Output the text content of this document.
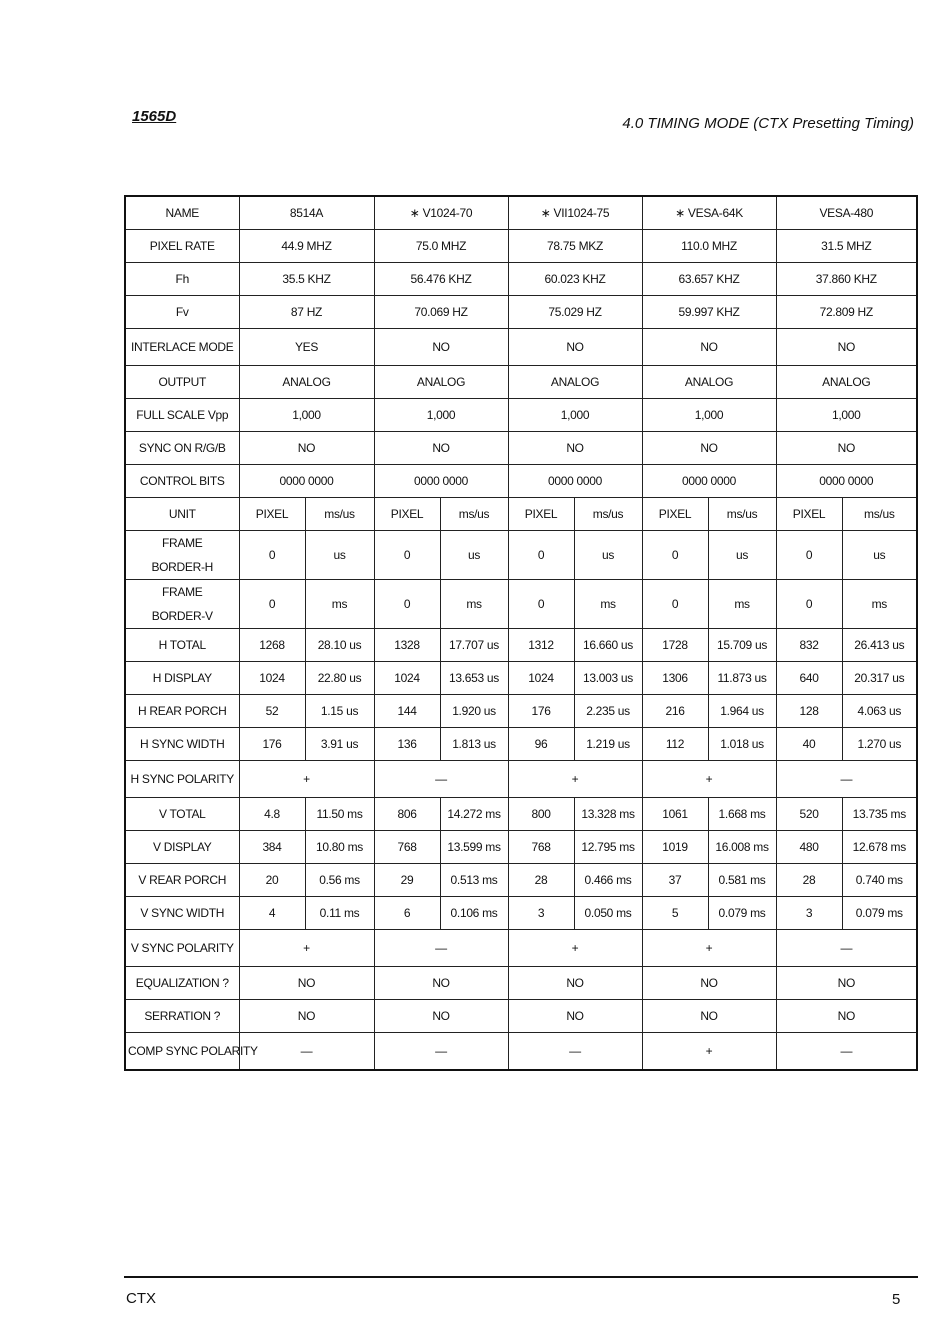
1565D	4.0 TIMING MODE (CTX Presetting Timing)
NAME	8514A		∗ V1024-70		∗ VII1024-75		∗ VESA-64K		VESA-480	

PIXEL RATE	44.9 MHZ		75.0 MHZ		78.75 MKZ		110.0 MHZ		31.5 MHZ	

Fh	35.5 KHZ		56.476 KHZ		60.023 KHZ		63.657 KHZ		37.860 KHZ	

Fv	87 HZ		70.069 HZ		75.029 HZ		59.997 KHZ		72.809 HZ	

INTERLACE MODE	YES		NO		NO		NO		NO	

OUTPUT	ANALOG		ANALOG		ANALOG		ANALOG		ANALOG	

FULL SCALE Vpp	1,000		1,000		1,000		1,000		1,000	

SYNC ON R/G/B	NO		NO		NO		NO		NO	

CONTROL BITS	0000 0000		0000 0000		0000 0000		0000 0000		0000 0000	

UNIT	PIXEL	ms/us	PIXEL	ms/us	PIXEL	ms/us	PIXEL	ms/us	PIXEL	ms/us

FRAME
BORDER-H	0	us	0	us	0	us	0	us	0	us

FRAME
BORDER-V	0	ms	0	ms	0	ms	0	ms	0	ms

H TOTAL	1268	28.10 us	1328	17.707 us	1312	16.660 us	1728	15.709 us	832	26.413 us

H DISPLAY	1024	22.80 us	1024	13.653 us	1024	13.003 us	1306	11.873 us	640	20.317 us

H REAR PORCH	52	1.15 us	144	1.920 us	176	2.235 us	216	1.964 us	128	4.063 us

H SYNC WIDTH	176	3.91 us	136	1.813 us	96	1.219 us	112	1.018 us	40	1.270 us

H SYNC POLARITY	+		—		+		+		—	

V TOTAL	4.8	11.50 ms	806	14.272 ms	800	13.328 ms	1061	1.668 ms	520	13.735 ms

V DISPLAY	384	10.80 ms	768	13.599 ms	768	12.795 ms	1019	16.008 ms	480	12.678 ms

V REAR PORCH	20	0.56 ms	29	0.513 ms	28	0.466 ms	37	0.581 ms	28	0.740 ms

V SYNC WIDTH	4	0.11 ms	6	0.106 ms	3	0.050 ms	5	0.079 ms	3	0.079 ms

V SYNC POLARITY	+		—		+		+		—	

EQUALIZATION ?	NO		NO		NO		NO		NO	

SERRATION ?	NO		NO		NO		NO		NO	

COMP SYNC POLARITY	—		—		—		+		—	
CTX	5
